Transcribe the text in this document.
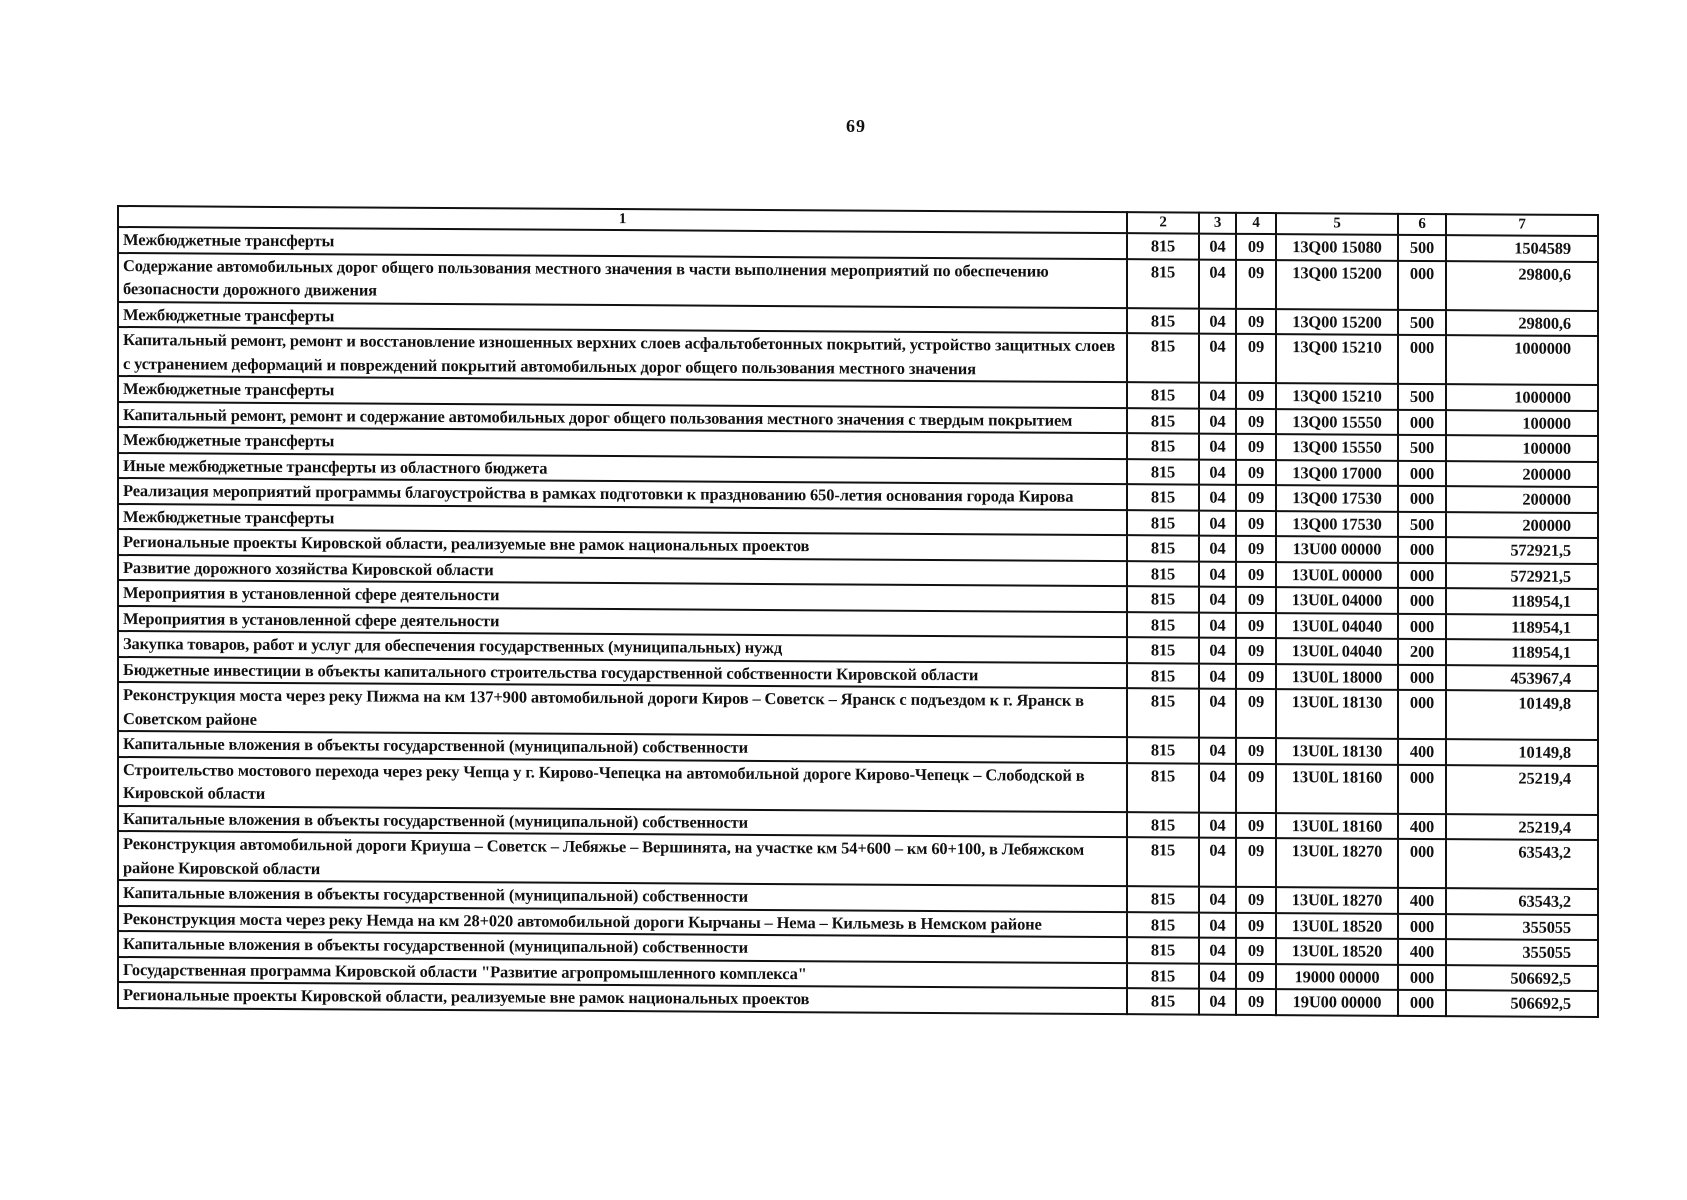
69
1	2	3	4	5	6	7
Межбюджетные трансферты	815	04	09	13Q00 15080	500	1504589
Содержание автомобильных дорог общего пользования местного значения в части выполнения мероприятий по обеспечению безопасности дорожного движения	815	04	09	13Q00 15200	000	29800,6
Межбюджетные трансферты	815	04	09	13Q00 15200	500	29800,6
Капитальный ремонт, ремонт и восстановление изношенных верхних слоев асфальтобетонных покрытий, устройство защитных слоев с устранением деформаций и повреждений покрытий автомобильных дорог общего пользования местного значения	815	04	09	13Q00 15210	000	1000000
Межбюджетные трансферты	815	04	09	13Q00 15210	500	1000000
Капитальный ремонт, ремонт и содержание автомобильных дорог общего пользования местного значения с твердым покрытием	815	04	09	13Q00 15550	000	100000
Межбюджетные трансферты	815	04	09	13Q00 15550	500	100000
Иные межбюджетные трансферты из областного бюджета	815	04	09	13Q00 17000	000	200000
Реализация мероприятий программы благоустройства в рамках подготовки к празднованию 650-летия основания города Кирова	815	04	09	13Q00 17530	000	200000
Межбюджетные трансферты	815	04	09	13Q00 17530	500	200000
Региональные проекты Кировской области, реализуемые вне рамок национальных проектов	815	04	09	13U00 00000	000	572921,5
Развитие дорожного хозяйства Кировской области	815	04	09	13U0L 00000	000	572921,5
Мероприятия в установленной сфере деятельности	815	04	09	13U0L 04000	000	118954,1
Мероприятия в установленной сфере деятельности	815	04	09	13U0L 04040	000	118954,1
Закупка товаров, работ и услуг для обеспечения государственных (муниципальных) нужд	815	04	09	13U0L 04040	200	118954,1
Бюджетные инвестиции в объекты капитального строительства государственной собственности Кировской области	815	04	09	13U0L 18000	000	453967,4
Реконструкция моста через реку Пижма на км 137+900 автомобильной дороги Киров – Советск – Яранск с подъездом к г. Яранск в Советском районе	815	04	09	13U0L 18130	000	10149,8
Капитальные вложения в объекты государственной (муниципальной) собственности	815	04	09	13U0L 18130	400	10149,8
Строительство мостового перехода через реку Чепца у г. Кирово-Чепецка на автомобильной дороге Кирово-Чепецк – Слободской в Кировской области	815	04	09	13U0L 18160	000	25219,4
Капитальные вложения в объекты государственной (муниципальной) собственности	815	04	09	13U0L 18160	400	25219,4
Реконструкция автомобильной дороги Криуша – Советск – Лебяжье – Вершинята, на участке км 54+600 – км 60+100, в Лебяжском районе Кировской области	815	04	09	13U0L 18270	000	63543,2
Капитальные вложения в объекты государственной (муниципальной) собственности	815	04	09	13U0L 18270	400	63543,2
Реконструкция моста через реку Немда на км 28+020 автомобильной дороги Кырчаны – Нема – Кильмезь в Немском районе	815	04	09	13U0L 18520	000	355055
Капитальные вложения в объекты государственной (муниципальной) собственности	815	04	09	13U0L 18520	400	355055
Государственная программа Кировской области "Развитие агропромышленного комплекса"	815	04	09	19000 00000	000	506692,5
Региональные проекты Кировской области, реализуемые вне рамок национальных проектов	815	04	09	19U00 00000	000	506692,5
